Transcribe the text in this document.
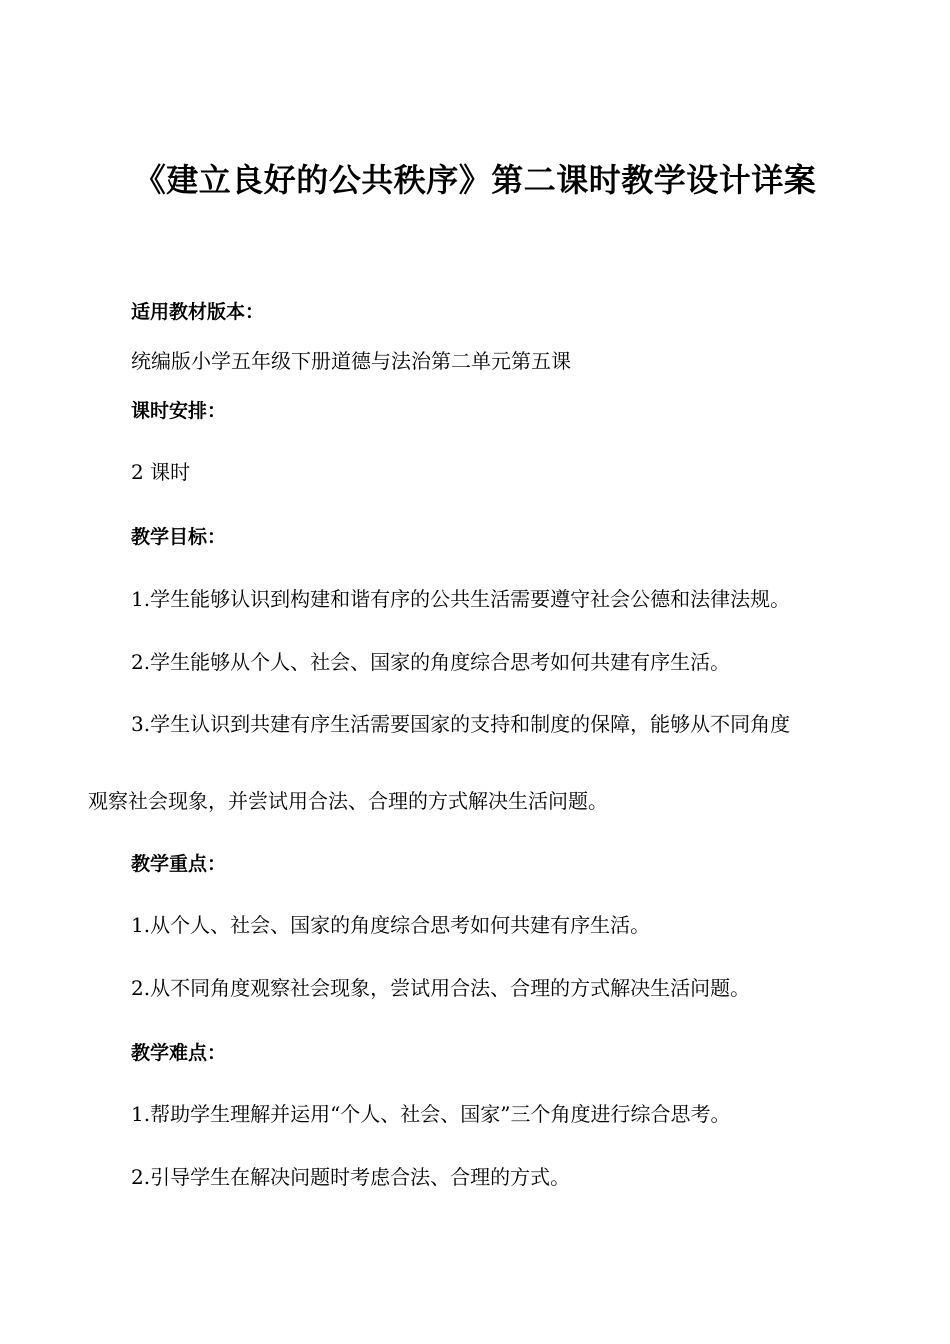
《建立良好的公共秩序》第二课时教学设计详案
适用教材版本：
统编版小学五年级下册道德与法治第二单元第五课
课时安排：
2 课时
教学目标：
1.学生能够认识到构建和谐有序的公共生活需要遵守社会公德和法律法规。
2.学生能够从个人、社会、国家的角度综合思考如何共建有序生活。
3.学生认识到共建有序生活需要国家的支持和制度的保障，能够从不同角度
观察社会现象，并尝试用合法、合理的方式解决生活问题。
教学重点：
1.从个人、社会、国家的角度综合思考如何共建有序生活。
2.从不同角度观察社会现象，尝试用合法、合理的方式解决生活问题。
教学难点：
1.帮助学生理解并运用“个人、社会、国家”三个角度进行综合思考。
2.引导学生在解决问题时考虑合法、合理的方式。
